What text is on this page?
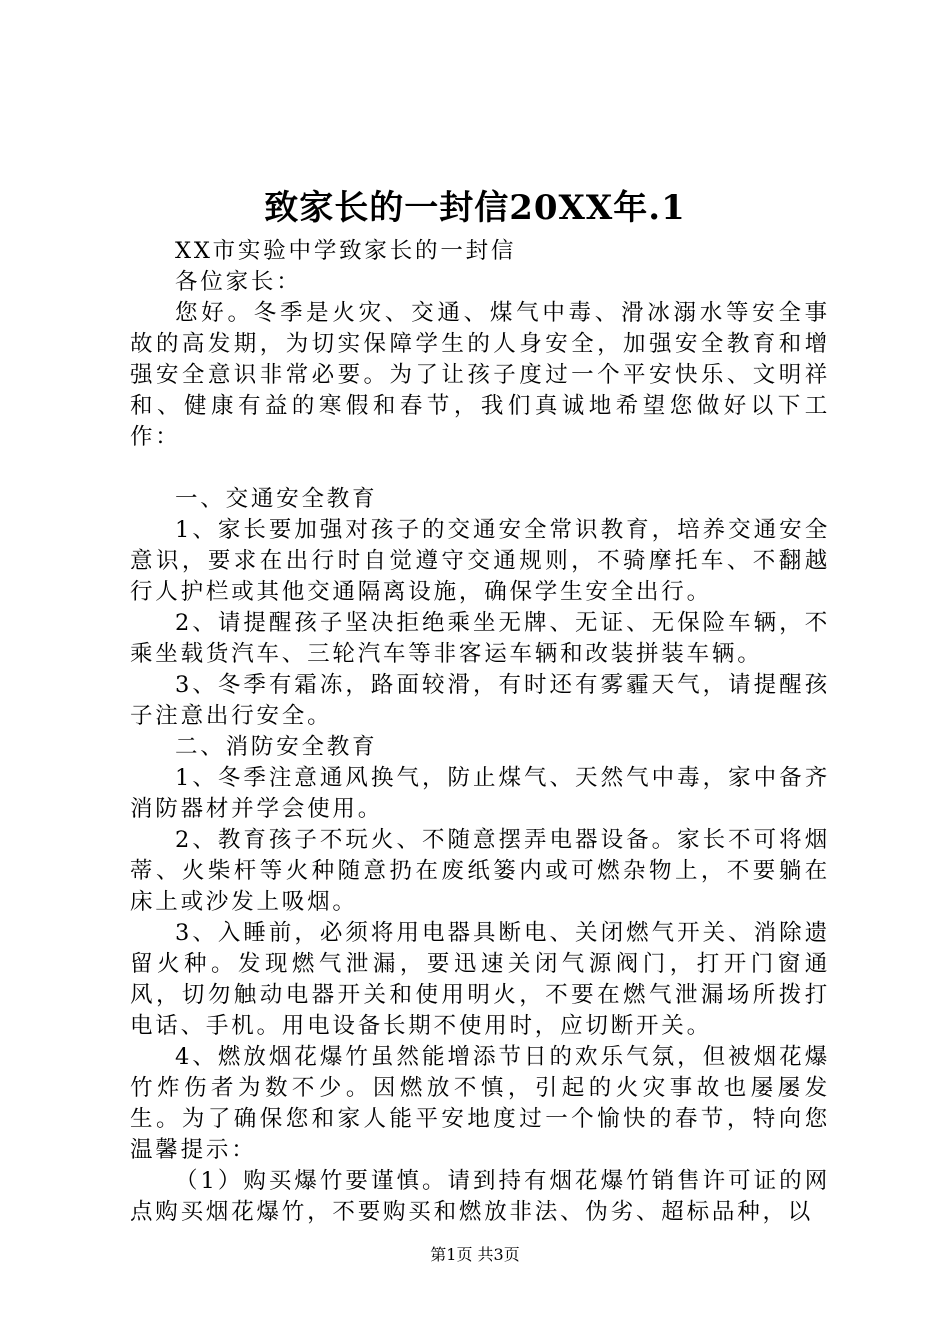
致家长的一封信20XX年.1

XX市实验中学致家长的一封信

各位家长：

您好。冬季是火灾、交通、煤气中毒、滑冰溺水等安全事故的高发期，为切实保障学生的人身安全，加强安全教育和增强安全意识非常必要。为了让孩子度过一个平安快乐、文明祥和、健康有益的寒假和春节，我们真诚地希望您做好以下工作：

一、交通安全教育

1、家长要加强对孩子的交通安全常识教育，培养交通安全意识，要求在出行时自觉遵守交通规则，不骑摩托车、不翻越行人护栏或其他交通隔离设施，确保学生安全出行。

2、请提醒孩子坚决拒绝乘坐无牌、无证、无保险车辆，不乘坐载货汽车、三轮汽车等非客运车辆和改装拼装车辆。

3、冬季有霜冻，路面较滑，有时还有雾霾天气，请提醒孩子注意出行安全。

二、消防安全教育

1、冬季注意通风换气，防止煤气、天然气中毒，家中备齐消防器材并学会使用。

2、教育孩子不玩火、不随意摆弄电器设备。家长不可将烟蒂、火柴杆等火种随意扔在废纸篓内或可燃杂物上，不要躺在床上或沙发上吸烟。

3、入睡前，必须将用电器具断电、关闭燃气开关、消除遗留火种。发现燃气泄漏，要迅速关闭气源阀门，打开门窗通风，切勿触动电器开关和使用明火，不要在燃气泄漏场所拨打电话、手机。用电设备长期不使用时，应切断开关。

4、燃放烟花爆竹虽然能增添节日的欢乐气氛，但被烟花爆竹炸伤者为数不少。因燃放不慎，引起的火灾事故也屡屡发生。为了确保您和家人能平安地度过一个愉快的春节，特向您温馨提示：

（1）购买爆竹要谨慎。请到持有烟花爆竹销售许可证的网点购买烟花爆竹，不要购买和燃放非法、伪劣、超标品种，以

第1页 共3页
